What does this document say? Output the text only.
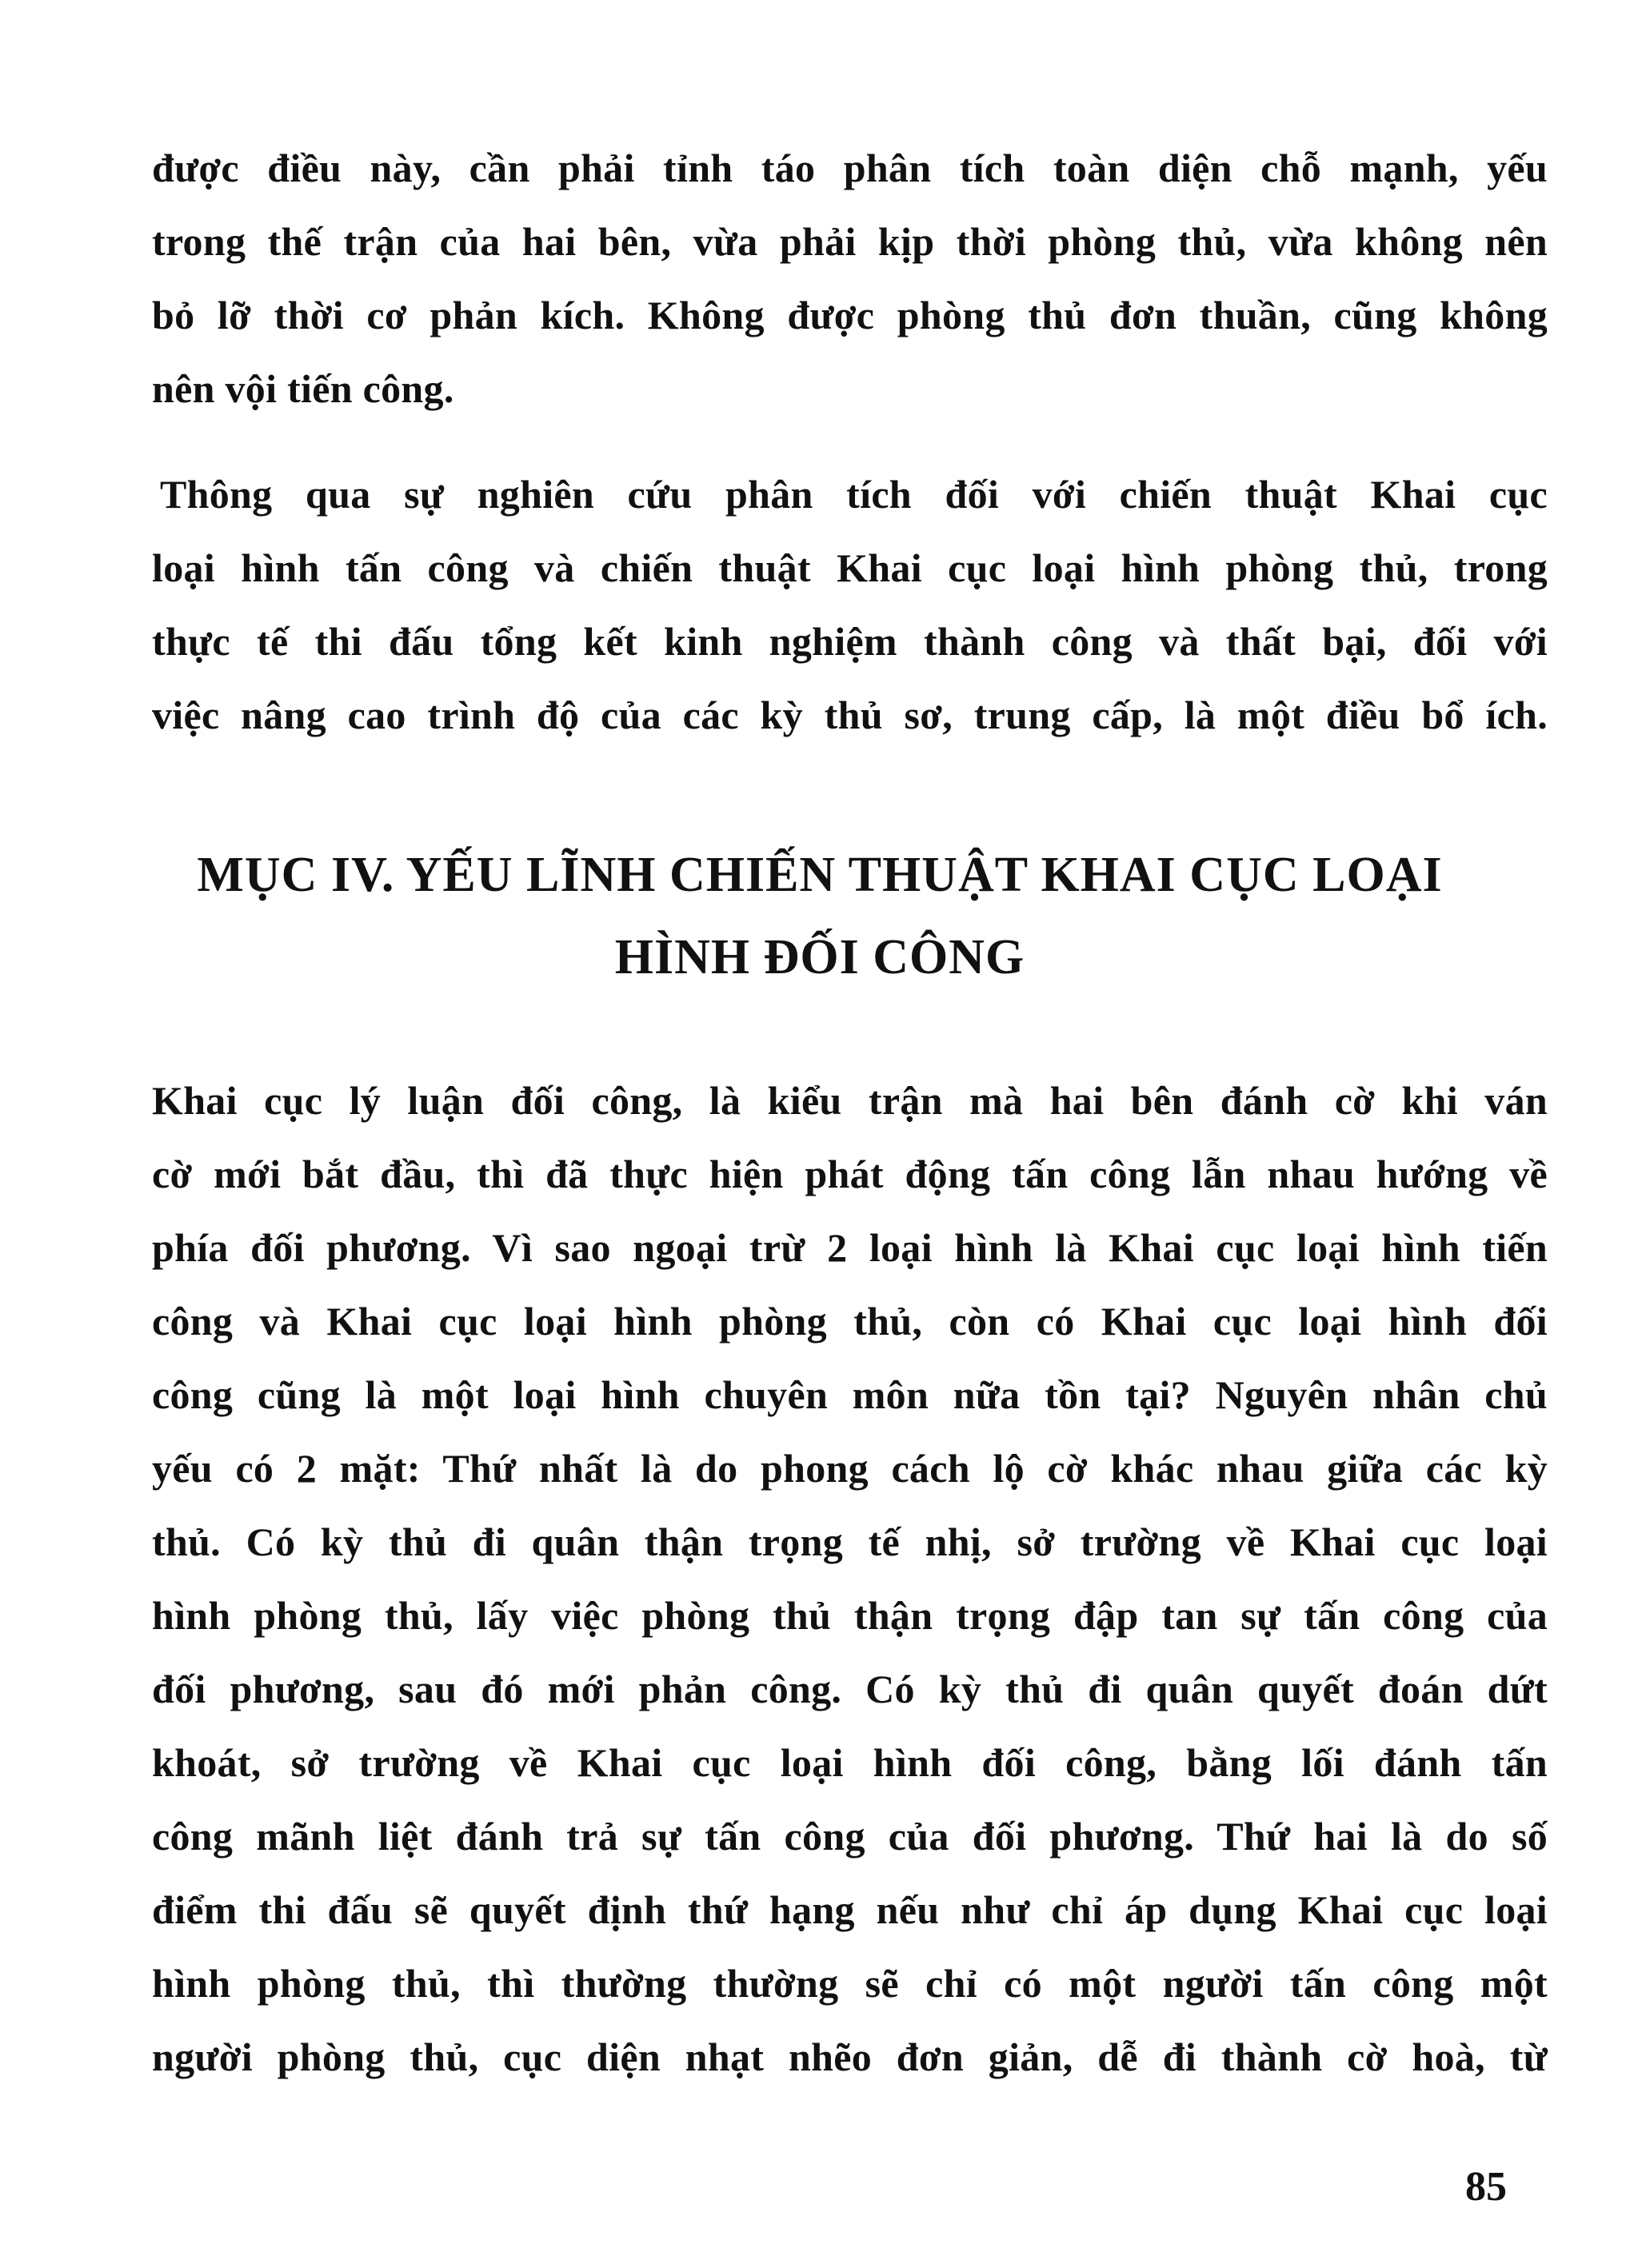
được điều này, cần phải tỉnh táo phân tích toàn diện chỗ mạnh, yếu
trong thế trận của hai bên, vừa phải kịp thời phòng thủ, vừa không nên
bỏ lỡ thời cơ phản kích. Không được phòng thủ đơn thuần, cũng không
nên vội tiến công.
Thông qua sự nghiên cứu phân tích đối với chiến thuật Khai cục
loại hình tấn công và chiến thuật Khai cục loại hình phòng thủ, trong
thực tế thi đấu tổng kết kinh nghiệm thành công và thất bại, đối với
việc nâng cao trình độ của các kỳ thủ sơ, trung cấp, là một điều bổ ích.
MỤC IV. YẾU LĨNH CHIẾN THUẬT KHAI CỤC LOẠI
HÌNH ĐỐI CÔNG
Khai cục lý luận đối công, là kiểu trận mà hai bên đánh cờ khi ván
cờ mới bắt đầu, thì đã thực hiện phát động tấn công lẫn nhau hướng về
phía đối phương. Vì sao ngoại trừ 2 loại hình là Khai cục loại hình tiến
công và Khai cục loại hình phòng thủ, còn có Khai cục loại hình đối
công cũng là một loại hình chuyên môn nữa tồn tại? Nguyên nhân chủ
yếu có 2 mặt: Thứ nhất là do phong cách lộ cờ khác nhau giữa các kỳ
thủ. Có kỳ thủ đi quân thận trọng tế nhị, sở trường về Khai cục loại
hình phòng thủ, lấy việc phòng thủ thận trọng đập tan sự tấn công của
đối phương, sau đó mới phản công. Có kỳ thủ đi quân quyết đoán dứt
khoát, sở trường về Khai cục loại hình đối công, bằng lối đánh tấn
công mãnh liệt đánh trả sự tấn công của đối phương. Thứ hai là do số
điểm thi đấu sẽ quyết định thứ hạng nếu như chỉ áp dụng Khai cục loại
hình phòng thủ, thì thường thường sẽ chỉ có một người tấn công một
người phòng thủ, cục diện nhạt nhẽo đơn giản, dễ đi thành cờ hoà, từ
85
